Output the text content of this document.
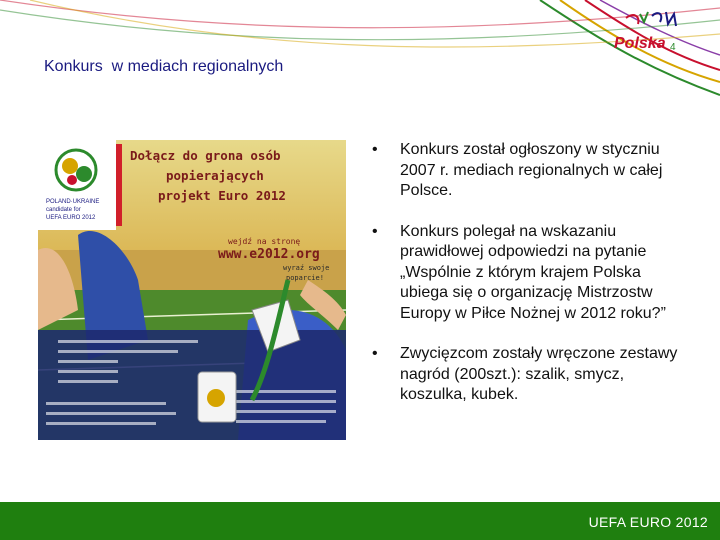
Polska 4
Konkurs  w mediach regionalnych
POLAND·UKRAINE
candidate for
UEFA EURO 2012
Dołącz do grona osób
popierających
projekt Euro 2012
wejdź na stronę
www.e2012.org
wyraź swoje
poparcie!
• Konkurs został ogłoszony w styczniu 2007 r. mediach regionalnych w całej Polsce.
• Konkurs polegał na wskazaniu prawidłowej odpowiedzi na pytanie „Wspólnie z którym krajem Polska ubiega się o organizację Mistrzostw Europy w Piłce Nożnej w 2012 roku?”
• Zwycięzcom zostały wręczone zestawy nagród (200szt.): szalik, smycz, koszulka, kubek.
UEFA EURO 2012
